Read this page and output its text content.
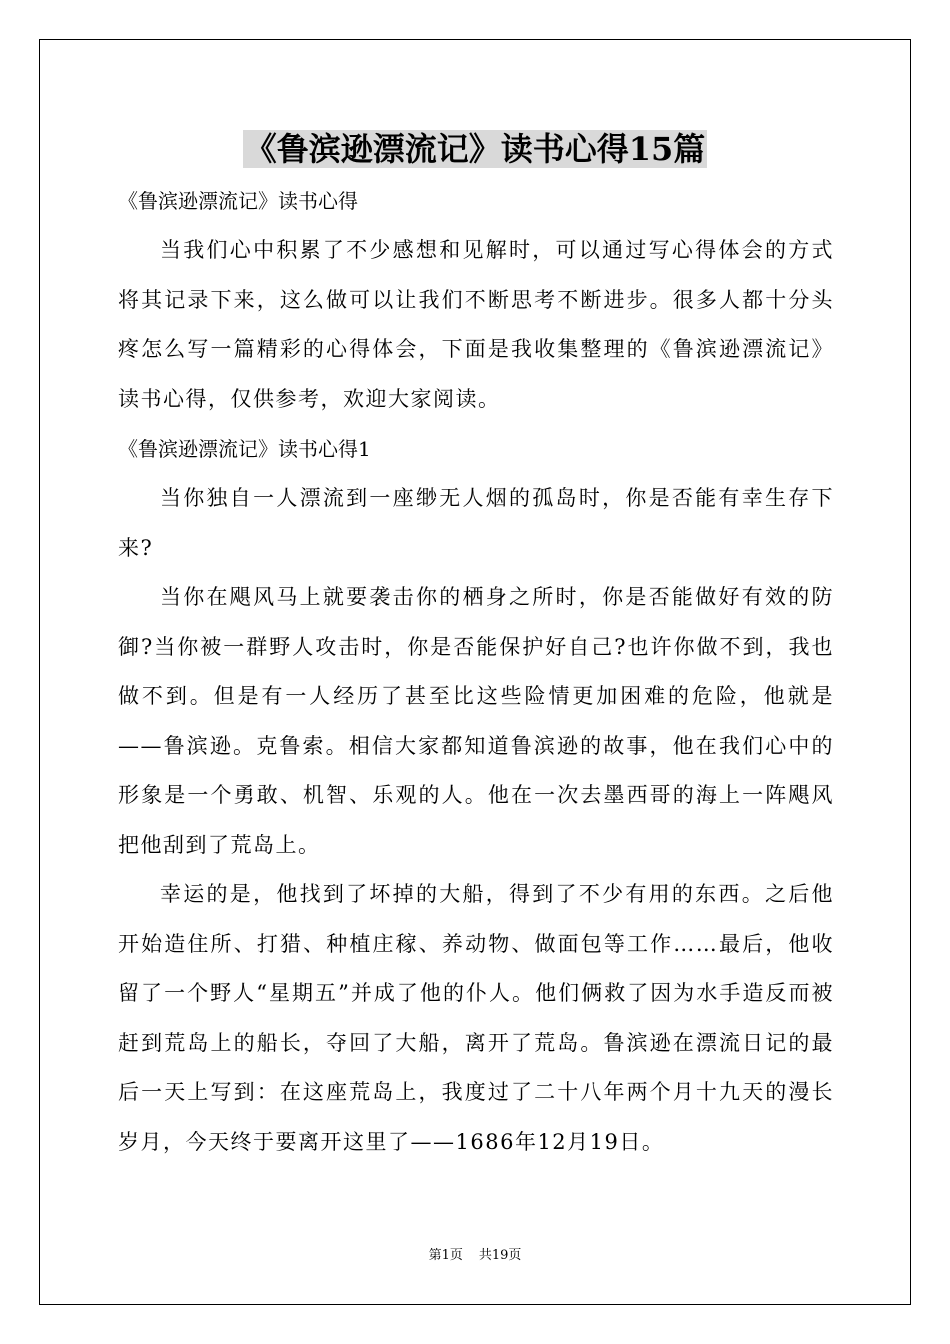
《鲁滨逊漂流记》读书心得15篇

《鲁滨逊漂流记》读书心得

当我们心中积累了不少感想和见解时，可以通过写心得体会的方式将其记录下来，这么做可以让我们不断思考不断进步。很多人都十分头疼怎么写一篇精彩的心得体会，下面是我收集整理的《鲁滨逊漂流记》读书心得，仅供参考，欢迎大家阅读。

《鲁滨逊漂流记》读书心得1

当你独自一人漂流到一座缈无人烟的孤岛时，你是否能有幸生存下来?

当你在飓风马上就要袭击你的栖身之所时，你是否能做好有效的防御?当你被一群野人攻击时，你是否能保护好自己?也许你做不到，我也做不到。但是有一人经历了甚至比这些险情更加困难的危险，他就是——鲁滨逊。克鲁索。相信大家都知道鲁滨逊的故事，他在我们心中的形象是一个勇敢、机智、乐观的人。他在一次去墨西哥的海上一阵飓风把他刮到了荒岛上。

幸运的是，他找到了坏掉的大船，得到了不少有用的东西。之后他开始造住所、打猎、种植庄稼、养动物、做面包等工作……最后，他收留了一个野人“星期五”并成了他的仆人。他们俩救了因为水手造反而被赶到荒岛上的船长，夺回了大船，离开了荒岛。鲁滨逊在漂流日记的最后一天上写到：在这座荒岛上，我度过了二十八年两个月十九天的漫长岁月，今天终于要离开这里了——1686年12月19日。

第1页 共19页
